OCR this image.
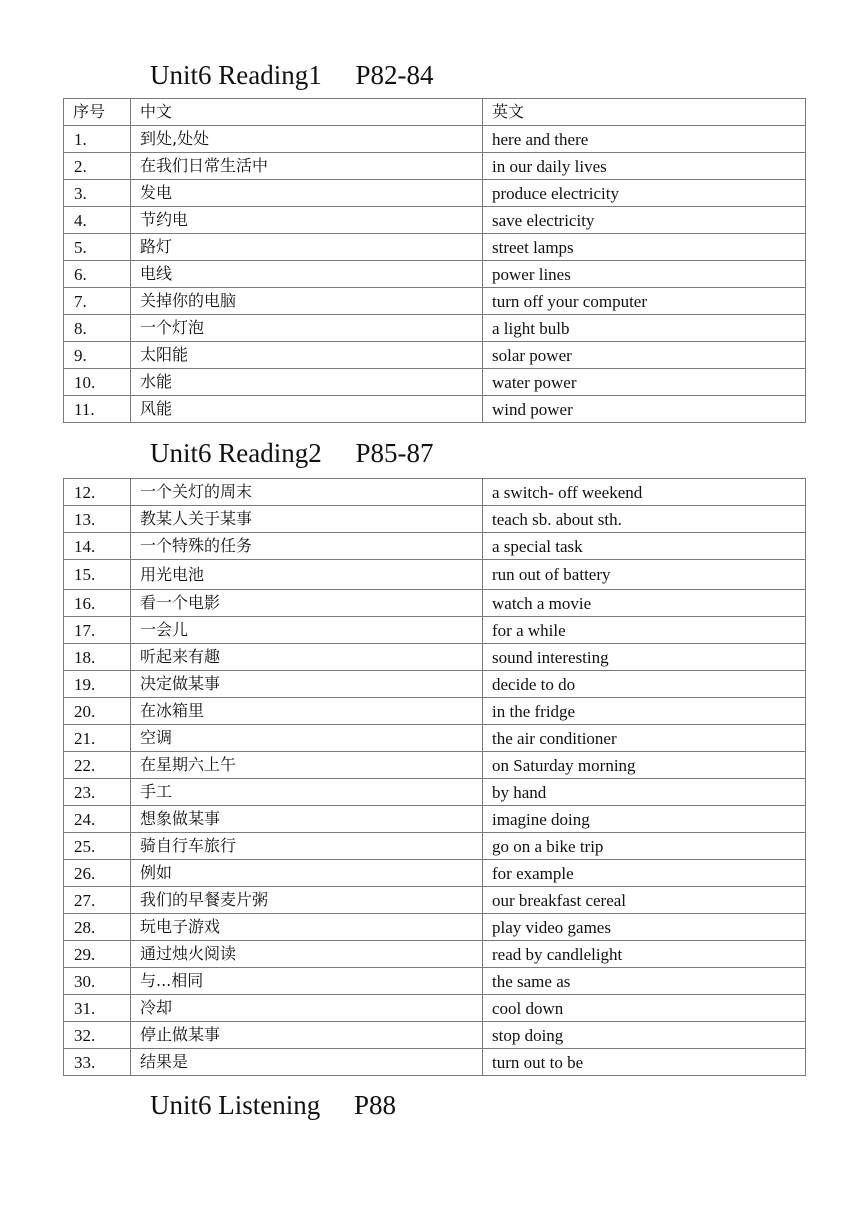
Unit6 Reading1     P82-84
序号	中文	英文
1.	到处,处处	here and there
2.	在我们日常生活中	in our daily lives
3.	发电	produce electricity
4.	节约电	save electricity
5.	路灯	street lamps
6.	电线	power lines
7.	关掉你的电脑	turn off your computer
8.	一个灯泡	a light bulb
9.	太阳能	solar power
10.	水能	water power
11.	风能	wind power
Unit6 Reading2     P85-87
12.	一个关灯的周末	a switch- off weekend
13.	教某人关于某事	teach sb. about sth.
14.	一个特殊的任务	a special task
15.	用光电池	run out of battery
16.	看一个电影	watch a movie
17.	一会儿	for a while
18.	听起来有趣	sound interesting
19.	决定做某事	decide to do
20.	在冰箱里	in the fridge
21.	空调	the air conditioner
22.	在星期六上午	on Saturday morning
23.	手工	by hand
24.	想象做某事	imagine doing
25.	骑自行车旅行	go on a bike trip
26.	例如	for example
27.	我们的早餐麦片粥	our breakfast cereal
28.	玩电子游戏	play video games
29.	通过烛火阅读	read by candlelight
30.	与...相同	the same as
31.	冷却	cool down
32.	停止做某事	stop doing
33.	结果是	turn out to be
Unit6 Listening     P88
